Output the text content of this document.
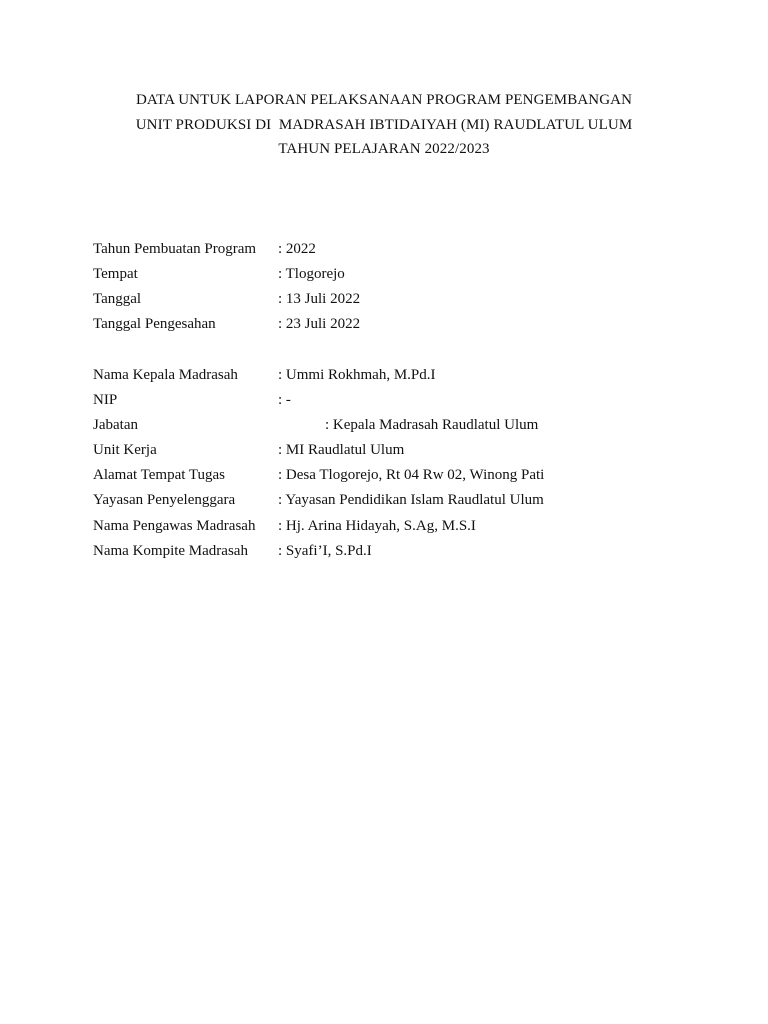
DATA UNTUK LAPORAN PELAKSANAAN PROGRAM PENGEMBANGAN
UNIT PRODUKSI DI  MADRASAH IBTIDAIYAH (MI) RAUDLATUL ULUM
TAHUN PELAJARAN 2022/2023
Tahun Pembuatan Program : 2022
Tempat	: Tlogorejo
Tanggal	: 13 Juli 2022
Tanggal Pengesahan	: 23 Juli 2022
Nama Kepala Madrasah	: Ummi Rokhmah, M.Pd.I
NIP	: -
Jabatan	: Kepala Madrasah Raudlatul Ulum
Unit Kerja	: MI Raudlatul Ulum
Alamat Tempat Tugas	: Desa Tlogorejo, Rt 04 Rw 02, Winong Pati
Yayasan Penyelenggara	: Yayasan Pendidikan Islam Raudlatul Ulum
Nama Pengawas Madrasah : Hj. Arina Hidayah, S.Ag, M.S.I
Nama Kompite Madrasah : Syafi’I, S.Pd.I
